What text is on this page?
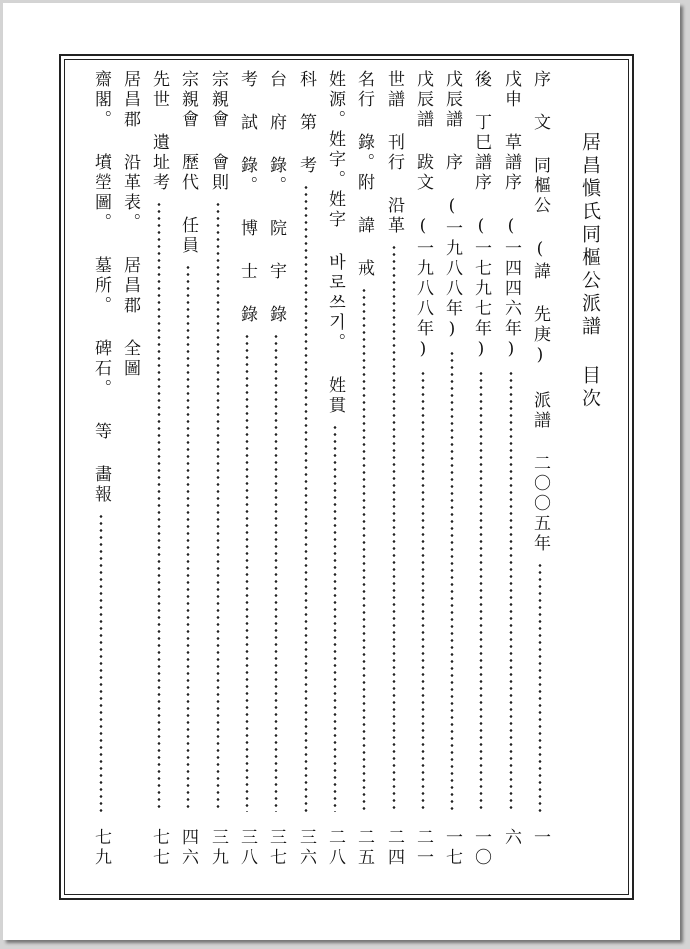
居昌愼氏同樞公派譜 目次
序 文 同樞公 (諱 先庚) 派譜 二〇〇五年
一
戊申 草譜序 (一四四六年)
六
後 丁巳譜序 (一七九七年)
一〇
戊辰譜 序 (一九八八年)
一七
戊辰譜 跋文 (一九八八年)
二一
世譜 刊行 沿革
二四
名行 錄。附 諱 戒
二五
姓源。姓字。姓字 바로쓰기。 姓貫
二八
科 第 考
三六
台 府 錄。 院 宇 錄
三七
考 試 錄。 博 士 錄
三八
宗親會 會則
三九
宗親會 歷代 任員
四六
先世 遺址考
七七
居昌郡 沿革表。 居昌郡 全圖
齋閣。 墳塋圖。 墓所。 碑石。 等 畵報
七九
